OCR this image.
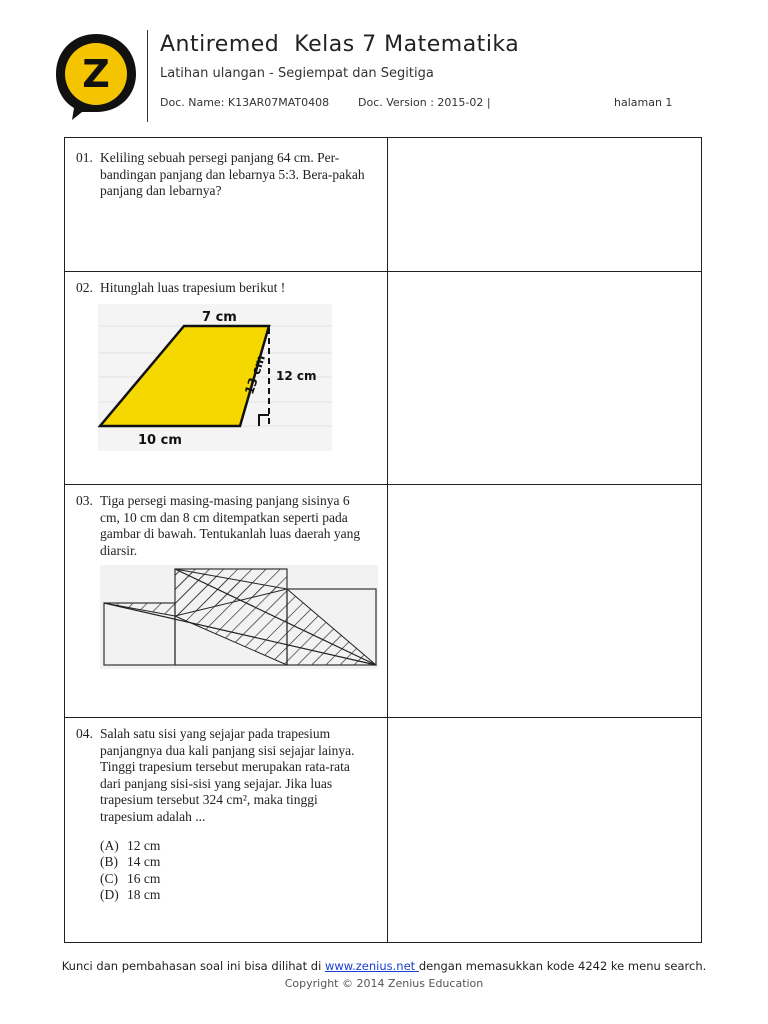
Z
Antiremed  Kelas 7 Matematika
Latihan ulangan - Segiempat dan Segitiga
Doc. Name: K13AR07MAT0408	Doc. Version : 2015-02 |	halaman 1
01. Keliling sebuah persegi panjang 64 cm. Per-bandingan panjang dan lebarnya 5:3. Bera-pakah panjang dan lebarnya?
02. Hitunglah luas trapesium berikut !
7 cm
12 cm
13 cm
10 cm
03. Tiga persegi masing-masing panjang sisinya 6 cm, 10 cm dan 8 cm ditempatkan seperti pada gambar di bawah. Tentukanlah luas daerah yang diarsir.
04. Salah satu sisi yang sejajar pada trapesium panjangnya dua kali panjang sisi sejajar lainya. Tinggi trapesium tersebut merupakan rata-rata dari panjang sisi-sisi yang sejajar. Jika luas trapesium tersebut 324 cm², maka tinggi trapesium adalah ...
(A) 12 cm
(B) 14 cm
(C) 16 cm
(D) 18 cm
Kunci dan pembahasan soal ini bisa dilihat di www.zenius.net dengan memasukkan kode 4242 ke menu search.
Copyright © 2014 Zenius Education
